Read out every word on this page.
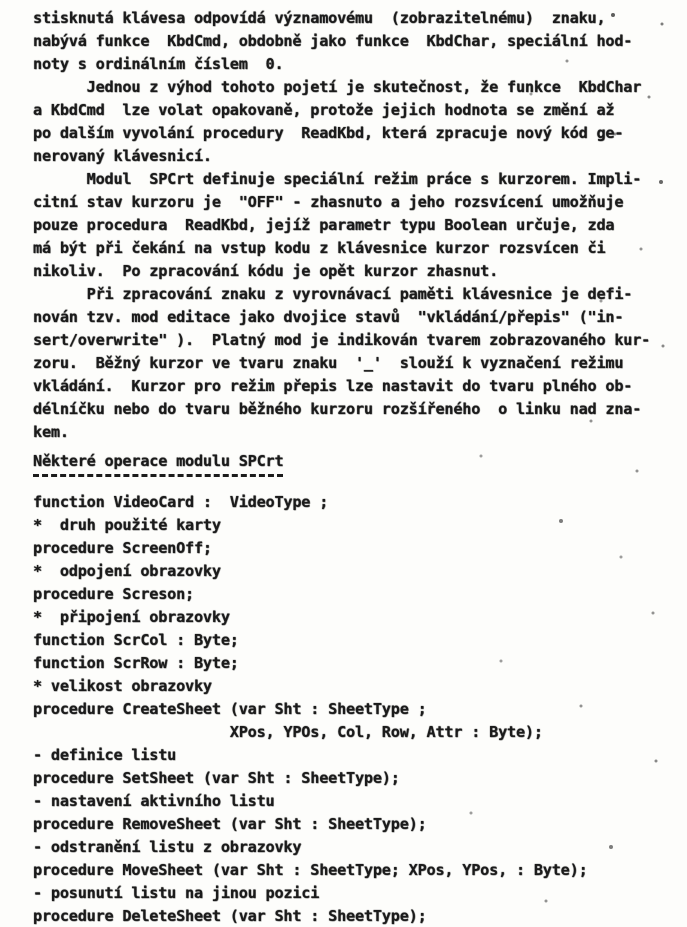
stisknutá klávesa odpovídá významovému  (zobrazitelnému)  znaku,
nabývá funkce  KbdCmd, obdobně jako funkce  KbdChar, speciální hod-
noty s ordinálním číslem  0.
Jednou z výhod tohoto pojetí je skutečnost, že funkce  KbdChar
a KbdCmd  lze volat opakovaně, protože jejich hodnota se změní až
po dalším vyvolání procedury  ReadKbd, která zpracuje nový kód ge-
nerovaný klávesnicí.
Modul  SPCrt definuje speciální režim práce s kurzorem. Impli-
citní stav kurzoru je  "OFF" - zhasnuto a jeho rozsvícení umožňuje
pouze procedura  ReadKbd, jejíž parametr typu Boolean určuje, zda
má být při čekání na vstup kodu z klávesnice kurzor rozsvícen či
nikoliv.  Po zpracování kódu je opět kurzor zhasnut.
Při zpracování znaku z vyrovnávací paměti klávesnice je defi-
nován tzv. mod editace jako dvojice stavů  "vkládání/přepis" ("in-
sert/overwrite" ).  Platný mod je indikován tvarem zobrazovaného kur-
zoru.  Běžný kurzor ve tvaru znaku  '_'  slouží k vyznačení režimu
vkládání.  Kurzor pro režim přepis lze nastavit do tvaru plného ob-
délníčku nebo do tvaru běžného kurzoru rozšířeného  o linku nad zna-
kem.
Některé operace modulu SPCrt
function VideoCard :  VideoType ;
*  druh použité karty
procedure ScreenOff;
*  odpojení obrazovky
procedure Screson;
*  připojení obrazovky
function ScrCol : Byte;
function ScrRow : Byte;
* velikost obrazovky
procedure CreateSheet (var Sht : SheetType ;
XPos, YPOs, Col, Row, Attr : Byte);
- definice listu
procedure SetSheet (var Sht : SheetType);
- nastavení aktivního listu
procedure RemoveSheet (var Sht : SheetType);
- odstranění listu z obrazovky
procedure MoveSheet (var Sht : SheetType; XPos, YPos, : Byte);
- posunutí listu na jinou pozici
procedure DeleteSheet (var Sht : SheetType);
